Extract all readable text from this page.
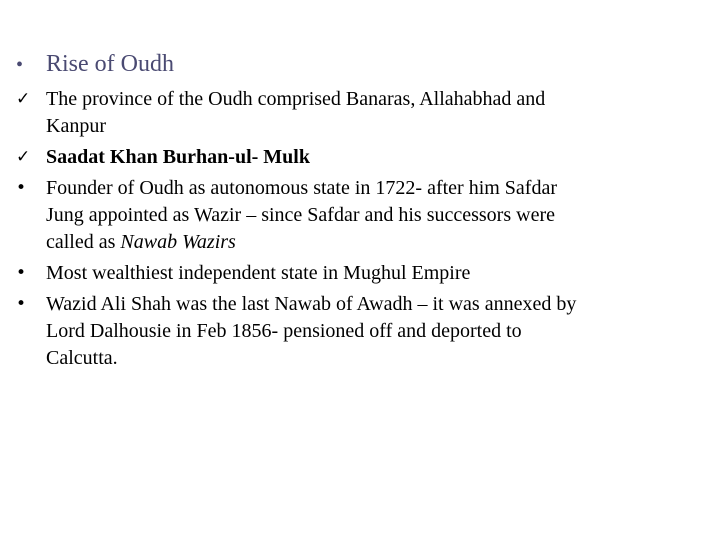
• Rise of Oudh
✓ The province of the Oudh comprised Banaras, Allahabhad and
Kanpur
✓ Saadat Khan Burhan-ul- Mulk
• Founder of Oudh as autonomous state in 1722- after him Safdar
Jung appointed as Wazir – since Safdar and his successors were
called as Nawab Wazirs
• Most wealthiest independent state in Mughul Empire
• Wazid Ali Shah was the last Nawab of Awadh – it was annexed by
Lord Dalhousie in Feb 1856- pensioned off and deported to
Calcutta.
